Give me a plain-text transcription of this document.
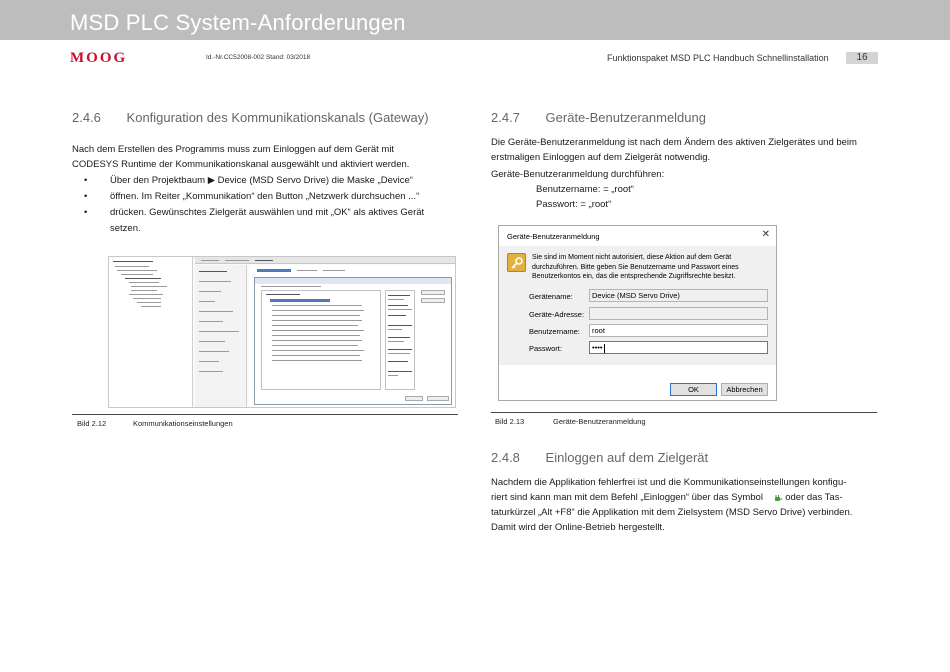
MSD PLC System-Anforderungen
MOOG	Id.-Nr.CC52008-002 Stand: 03/2018	Funktionspaket MSD PLC Handbuch Schnellinstallation	16
2.4.6 Konfiguration des Kommunikationskanals (Gateway)
Nach dem Erstellen des Programms muss zum Einloggen auf dem Gerät mit
CODESYS Runtime der Kommunikationskanal ausgewählt und aktiviert werden.
• Über den Projektbaum ▶ Device (MSD Servo Drive) die Maske „Device“
• öffnen. Im Reiter „Kommunikation“ den Button „Netzwerk durchsuchen ...“
• drücken. Gewünschtes Zielgerät auswählen und mit „OK“ als aktives Gerät
setzen.
Bild 2.12	Kommunikationseinstellungen
2.4.7 Geräte-Benutzeranmeldung
Die Geräte-Benutzeranmeldung ist nach dem Ändern des aktiven Zielgerätes und beim
erstmaligen Einloggen auf dem Zielgerät notwendig.
Geräte-Benutzeranmeldung durchführen:
Benutzername: = „root“
Passwort: = „root“
Geräte-Benutzeranmeldung	✕
Sie sind im Moment nicht autorisiert, diese Aktion auf dem Gerät
durchzuführen. Bitte geben Sie Benutzername und Passwort eines
Benutzerkontos ein, das die entsprechende Zugriffsrechte besitzt.
Gerätename:	Device (MSD Servo Drive)
Geräte-Adresse:
Benutzername:	root
Passwort:	••••
OK	Abbrechen
Bild 2.13	Geräte-Benutzeranmeldung
2.4.8 Einloggen auf dem Zielgerät
Nachdem die Applikation fehlerfrei ist und die Kommunikationseinstellungen konfigu-
riert sind kann man mit dem Befehl „Einloggen“ über das Symbol oder das Tas-
taturkürzel „Alt +F8“ die Applikation mit dem Zielsystem (MSD Servo Drive) verbinden.
Damit wird der Online-Betrieb hergestellt.
